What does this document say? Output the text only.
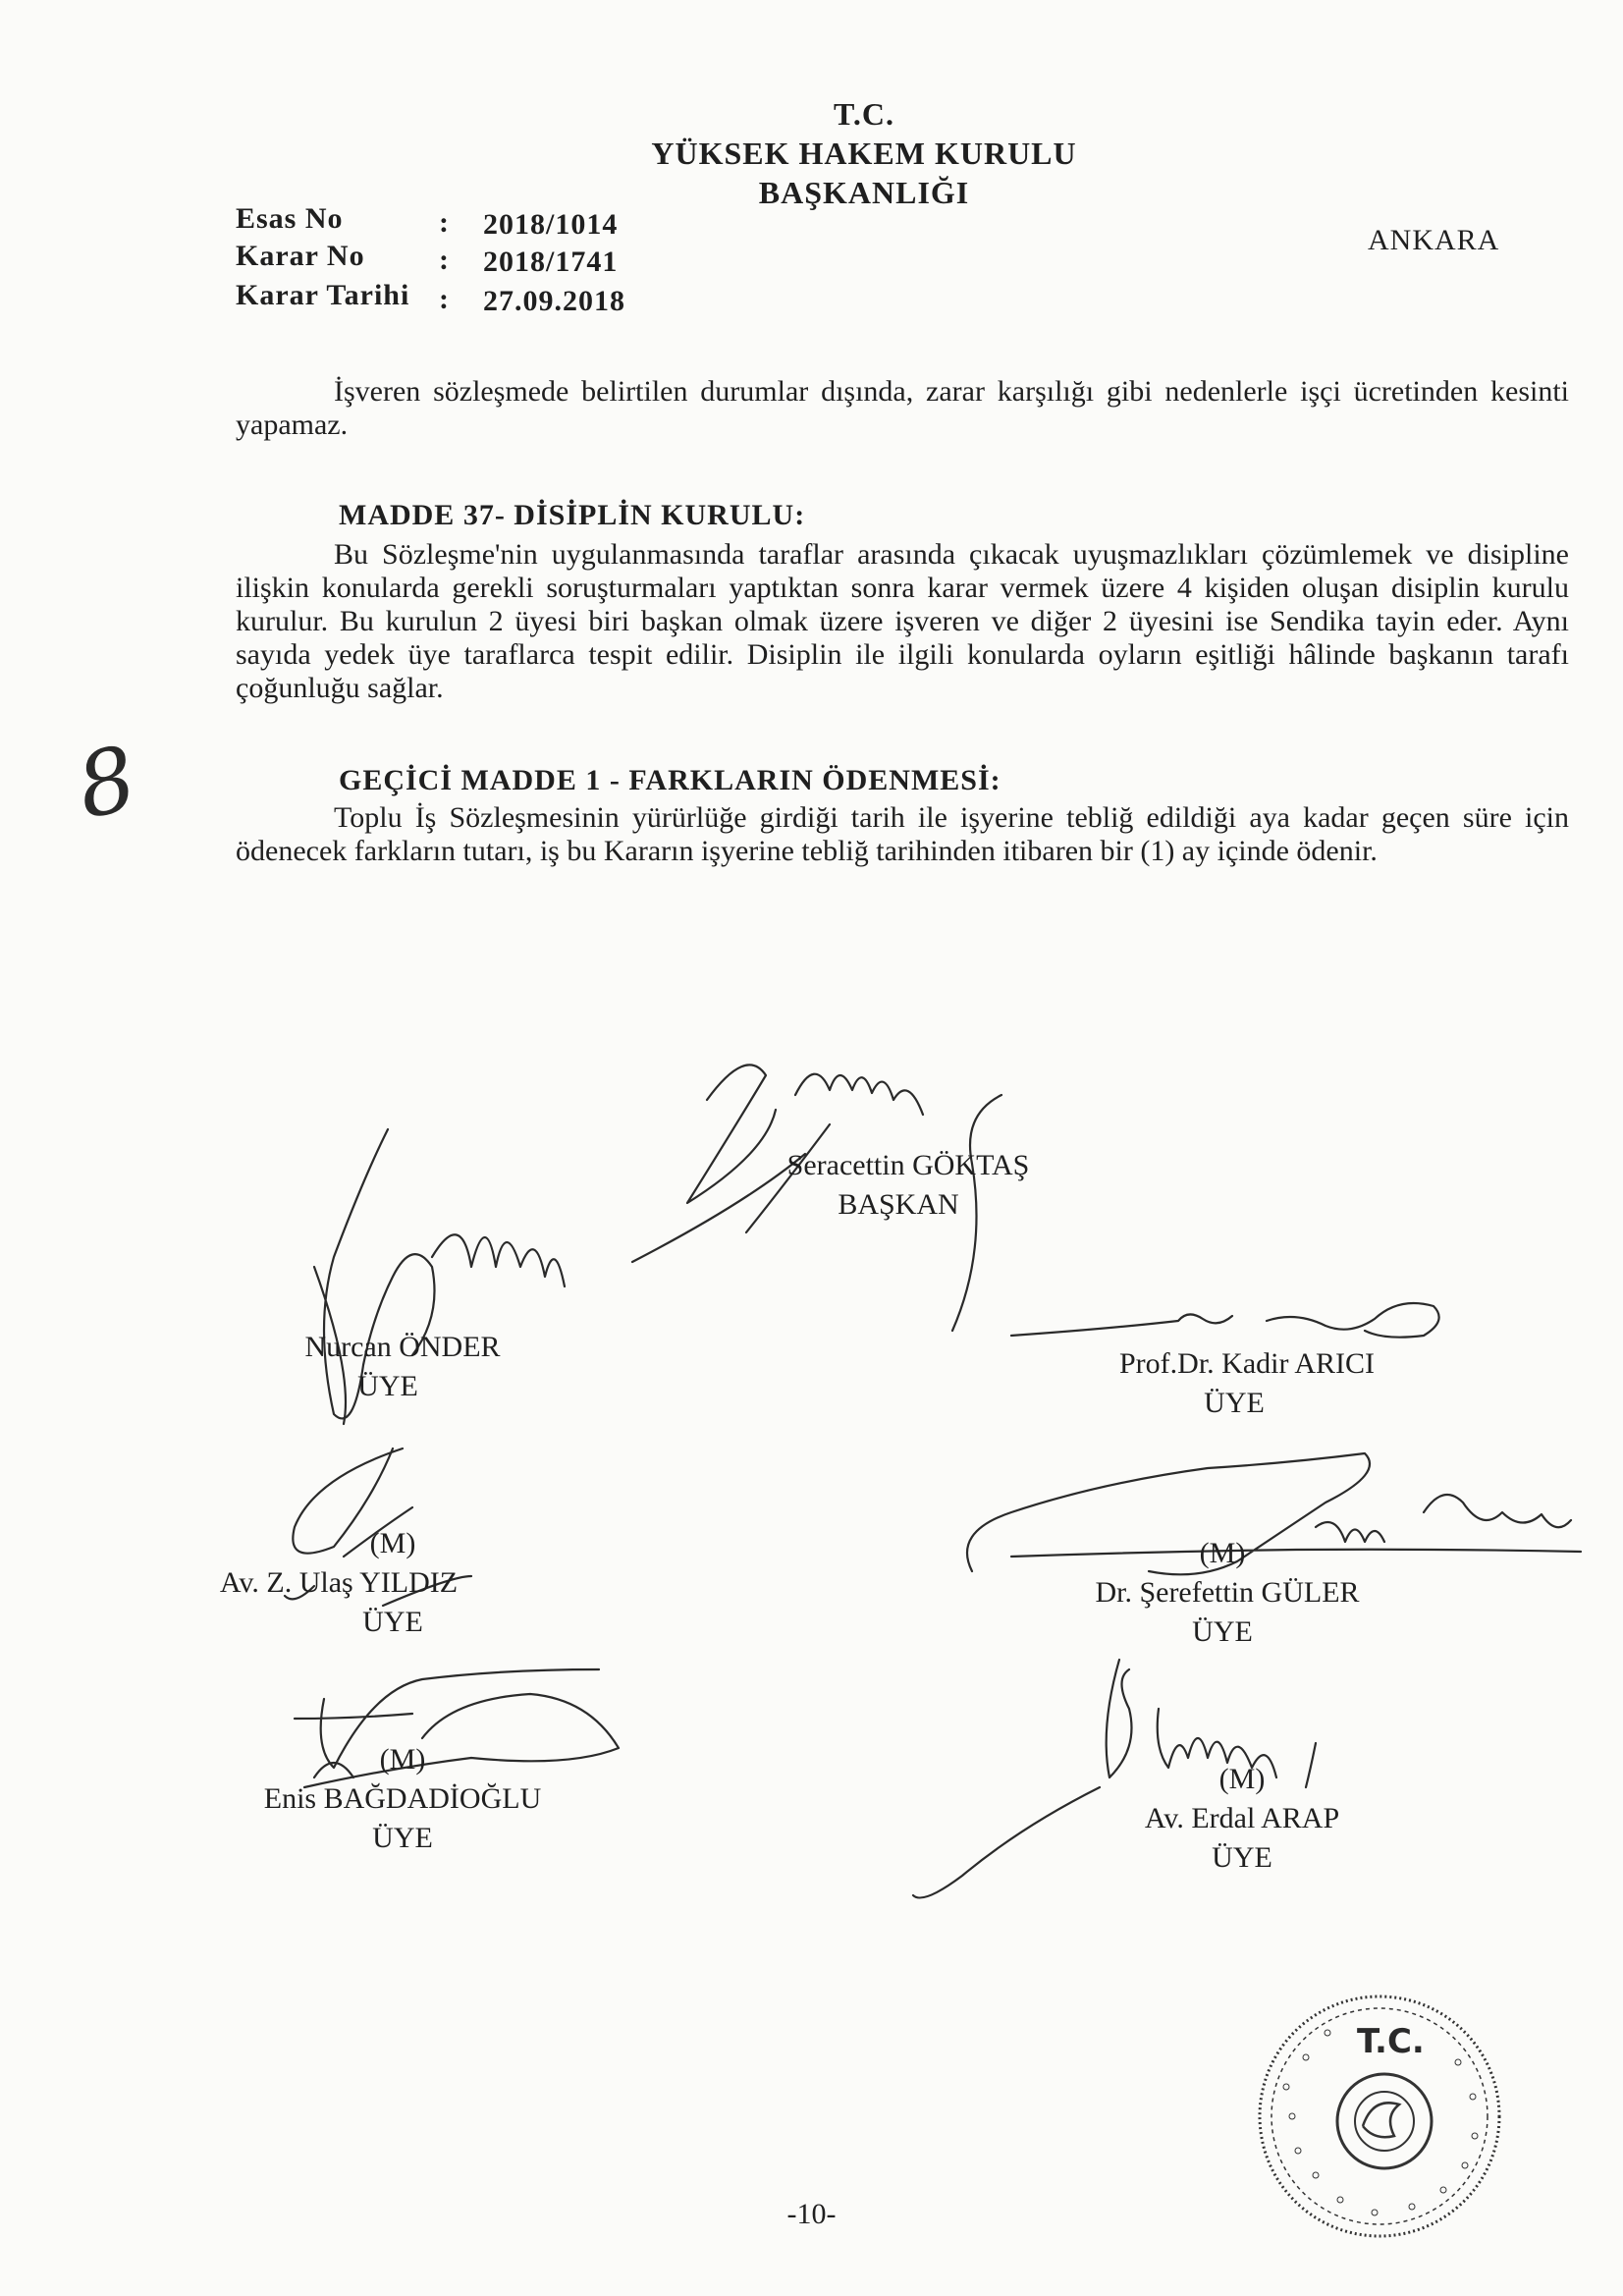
T.C.
YÜKSEK HAKEM KURULU
BAŞKANLIĞI
Esas No	: 2018/1014
Karar No	: 2018/1741
Karar Tarihi : 27.09.2018
ANKARA
İşveren sözleşmede belirtilen durumlar dışında, zarar karşılığı gibi nedenlerle işçi ücretinden kesinti yapamaz.
MADDE 37- DİSİPLİN KURULU:
Bu Sözleşme'nin uygulanmasında taraflar arasında çıkacak uyuşmazlıkları çözümlemek ve disipline ilişkin konularda gerekli soruşturmaları yaptıktan sonra karar vermek üzere 4 kişiden oluşan disiplin kurulu kurulur. Bu kurulun 2 üyesi biri başkan olmak üzere işveren ve diğer 2 üyesini ise Sendika tayin eder. Aynı sayıda yedek üye taraflarca tespit edilir. Disiplin ile ilgili konularda oyların eşitliği hâlinde başkanın tarafı çoğunluğu sağlar.
GEÇİCİ MADDE 1 - FARKLARIN ÖDENMESİ:
Toplu İş Sözleşmesinin yürürlüğe girdiği tarih ile işyerine tebliğ edildiği aya kadar geçen süre için ödenecek farkların tutarı, iş bu Kararın işyerine tebliğ tarihinden itibaren bir (1) ay içinde ödenir.
8
Seracettin GÖKTAŞ
BAŞKAN
Nurcan ÖNDER
ÜYE
Prof.Dr. Kadir ARICI
ÜYE
(M)
Av. Z. Ulaş YILDIZ
ÜYE
(M)
Dr. Şerefettin GÜLER
ÜYE
(M)
Enis BAĞDADİOĞLU
ÜYE
(M)
Av. Erdal ARAP
ÜYE
T.C.
-10-
